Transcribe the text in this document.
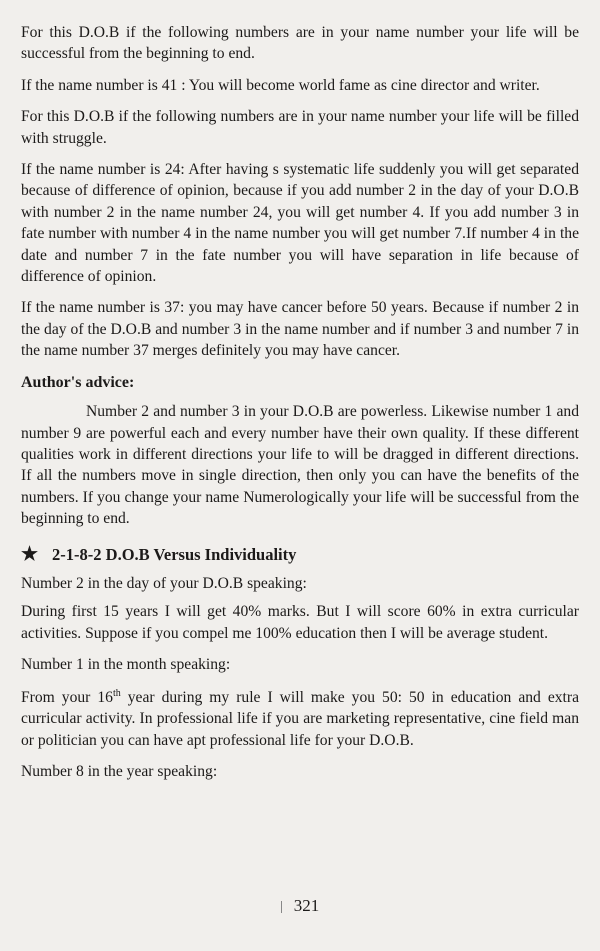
For this D.O.B if the following numbers are in your name number your life will be successful from the beginning to end.

If the name number is 41 : You will become world fame as cine director and writer.

For this D.O.B if the following numbers are in your name number your life will be filled with struggle.

If the name number is 24: After having s systematic life suddenly you will get separated because of difference of opinion, because if you add number 2 in the day of your D.O.B with number 2 in the name number 24, you will get number 4. If you add number 3 in fate number with number 4 in the name number you will get number 7.If number 4 in the date and number 7 in the fate number you will have separation in life because of difference of opinion.

If the name number is 37: you may have cancer before 50 years. Because if number 2 in the day of the D.O.B and number 3 in the name number and if number 3 and number 7 in the name number 37 merges definitely you may have cancer.

Author's advice:

Number 2 and number 3 in your D.O.B are powerless. Likewise number 1 and number 9 are powerful each and every number have their own quality. If these different qualities work in different directions your life to will be dragged in different directions. If all the numbers move in single direction, then only you can have the benefits of the numbers. If you change your name Numerologically your life will be successful from the beginning to end.

★ 2-1-8-2 D.O.B Versus Individuality

Number 2 in the day of your D.O.B speaking:

During first 15 years I will get 40% marks. But I will score 60% in extra curricular activities. Suppose if you compel me 100% education then I will be average student.

Number 1 in the month speaking:

From your 16th year during my rule I will make you 50: 50 in education and extra curricular activity. In professional life if you are marketing representative, cine field man or politician you can have apt professional life for your D.O.B.

Number 8 in the year speaking:

321
